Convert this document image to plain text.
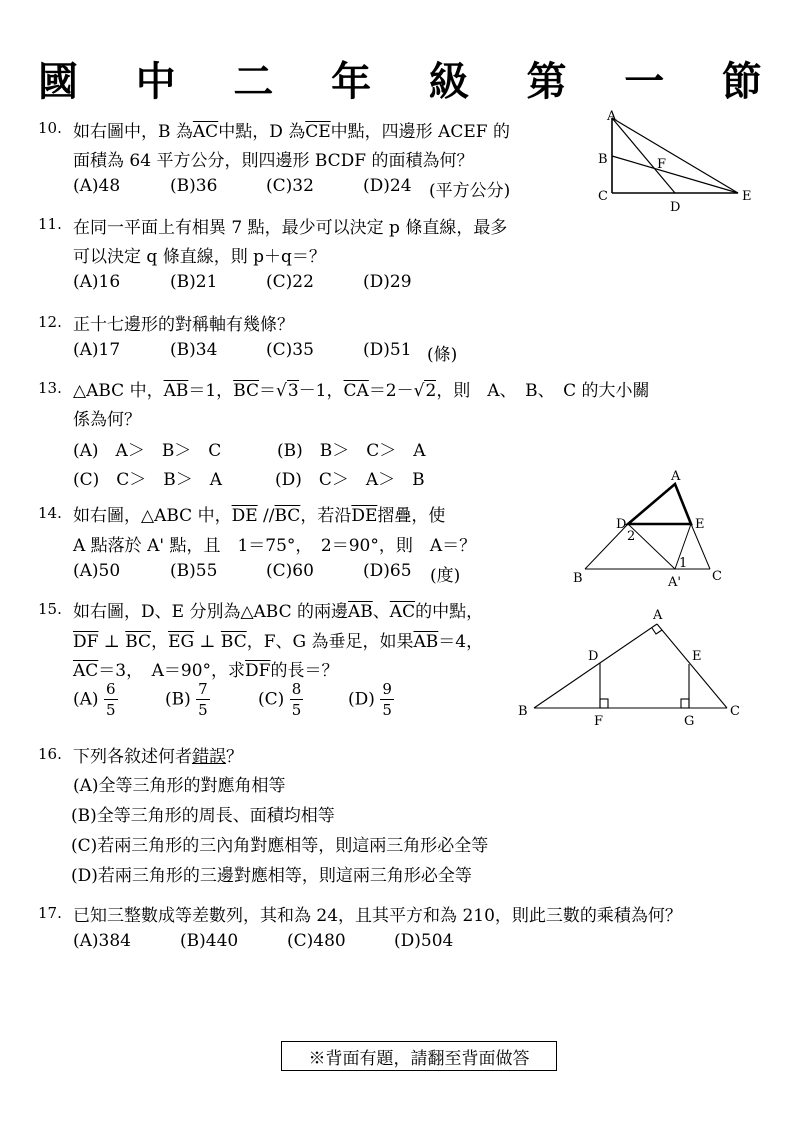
國 中 二 年 級 第 一 節
10. 如右圖中，B 為$\overline{AC}$中點，D 為$\overline{CE}$中點，四邊形 ACEF 的
面積為 64 平方公分，則四邊形 BCDF 的面積為何？
(A)48	(B)36	(C)32	(D)24 (平方公分)
A
B
C
D
E
F
11. 在同一平面上有相異 7 點，最少可以決定 p 條直線，最多
可以決定 q 條直線，則 p＋q＝？
(A)16	(B)21	(C)22	(D)29
12. 正十七邊形的對稱軸有幾條？
(A)17	(B)34	(C)35	(D)51 (條)
13. △ABC 中，$\overline{AB}=1$，$\overline{BC}=√3-1$，$\overline{CA}=2-√2$，則　A、　B、　C 的大小關
係為何？
(A)　A＞　B＞　C	(B)　B＞　C＞　A
(C)　C＞　B＞　A	(D)　C＞　A＞　B
14. 如右圖，△ABC 中，$\overline{DE}$ $//\overline{BC}$，若沿$\overline{DE}$摺疊，使
A 點落於 A' 點，且　1＝75°，　2＝90°，則　A＝？
(A)50	(B)55	(C)60	(D)65 (度)
A
D	E
2
1
B	A' C
15. 如右圖，D、E 分別為△ABC 的兩邊$\overline{AB}$、$\overline{AC}$的中點，
$\overline{DF}$ ⊥ $\overline{BC}$，$\overline{EG}$ ⊥ $\overline{BC}$，F、G 為垂足，如果$\overline{AB}=4$，
$\overline{AC}=3$，　A＝90°，求$\overline{DF}$的長＝？
$(A) \frac{6}{5}$	$(B) \frac{7}{5}$	$(C) \frac{8}{5}$	$(D) \frac{9}{5}$
A
D	E
B	C
F	G
16. 下列各敘述何者錯誤？
(A)全等三角形的對應角相等
(B)全等三角形的周長、面積均相等
(C)若兩三角形的三內角對應相等，則這兩三角形必全等
(D)若兩三角形的三邊對應相等，則這兩三角形必全等
17. 已知三整數成等差數列，其和為 24，且其平方和為 210，則此三數的乘積為何？
(A)384	(B)440	(C)480	(D)504
※背面有題，請翻至背面做答
